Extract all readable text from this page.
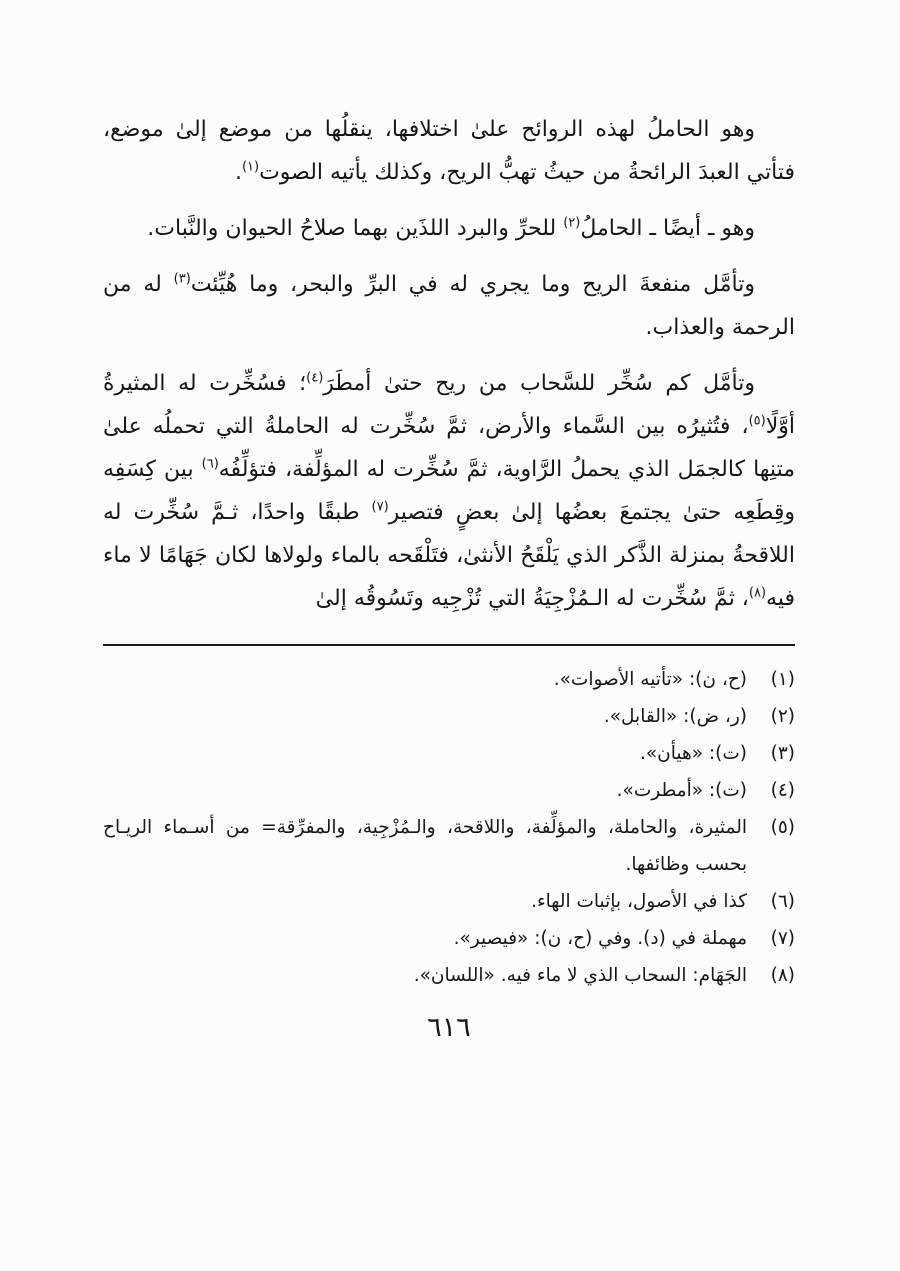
وهو الحاملُ لهذه الروائح علىٰ اختلافها، ينقلُها من موضع إلىٰ موضع، فتأتي العبدَ الرائحةُ من حيثُ تهبُّ الريح، وكذلك يأتيه الصوت$^{(١)}$.

وهو ـ أيضًا ـ الحاملُ$^{(٢)}$ للحرِّ والبرد اللذَين بهما صلاحُ الحيوان والنَّبات.

وتأمَّل منفعةَ الريح وما يجري له في البرِّ والبحر، وما هُيِّئت$^{(٣)}$ له من الرحمة والعذاب.

وتأمَّل كم سُخِّر للسَّحاب من ريح حتىٰ أمطَرَ$^{(٤)}$؛ فسُخِّرت له المثيرةُ أوَّلًا$^{(٥)}$، فتُثيرُه بين السَّماء والأرض، ثمَّ سُخِّرت له الحاملةُ التي تحملُه علىٰ متنِها كالجمَل الذي يحملُ الرَّاوية، ثمَّ سُخِّرت له المؤلِّفة، فتؤلِّفُه$^{(٦)}$ بين كِسَفِه وقِطَعِه حتىٰ يجتمعَ بعضُها إلىٰ بعضٍ فتصير$^{(٧)}$ طبقًا واحدًا، ثـمَّ سُخِّرت له اللاقحةُ بمنزلة الذَّكر الذي يَلْقَحُ الأنثىٰ، فتَلْقَحه بالماء ولولاها لكان جَهَامًا لا ماء فيه$^{(٨)}$، ثمَّ سُخِّرت له الـمُزْجِيَةُ التي تُزْجِيه وتَسُوقُه إلىٰ

(١)
(ح، ن): «تأتيه الأصوات».
(٢)
(ر، ض): «القابل».
(٣)
(ت): «هيأن».
(٤)
(ت): «أمطرت».
(٥)
المثيرة، والحاملة، والمؤلِّفة، واللاقحة، والـمُزْجِية، والمفرِّقة= من أسـماء الريـاح بحسب وظائفها.
(٦)
كذا في الأصول، بإثبات الهاء.
(٧)
مهملة في (د). وفي (ح، ن): «فيصير».
(٨)
الجَهَام: السحاب الذي لا ماء فيه. «اللسان».
٦١٦
